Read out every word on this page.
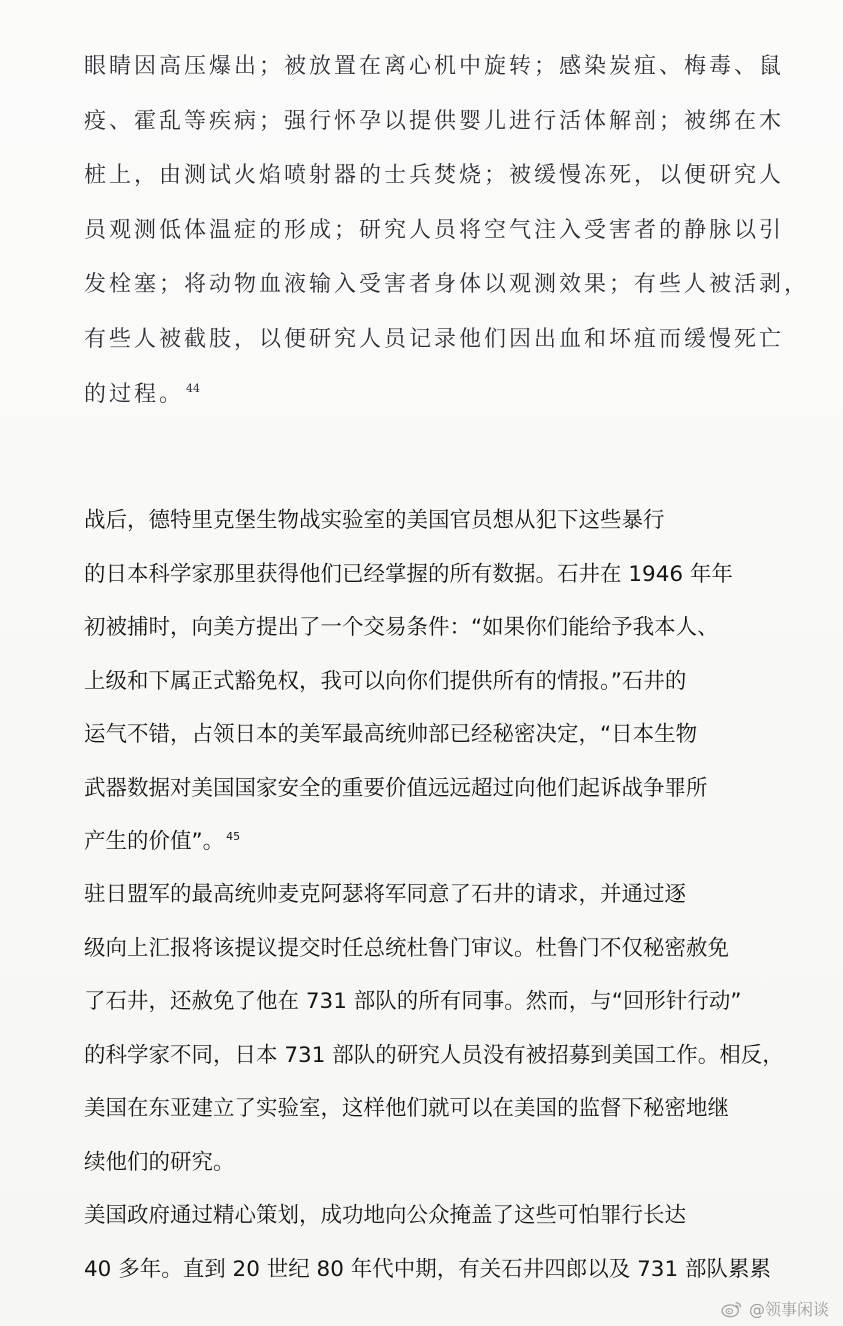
眼睛因高压爆出；被放置在离心机中旋转；感染炭疽、梅毒、鼠
疫、霍乱等疾病；强行怀孕以提供婴儿进行活体解剖；被绑在木
桩上，由测试火焰喷射器的士兵焚烧；被缓慢冻死，以便研究人
员观测低体温症的形成；研究人员将空气注入受害者的静脉以引
发栓塞；将动物血液输入受害者身体以观测效果；有些人被活剥，
有些人被截肢，以便研究人员记录他们因出血和坏疽而缓慢死亡
的过程。 $^{44}$
战后，德特里克堡生物战实验室的美国官员想从犯下这些暴行
的日本科学家那里获得他们已经掌握的所有数据。石井在 1946 年年
初被捕时，向美方提出了一个交易条件：“如果你们能给予我本人、
上级和下属正式豁免权，我可以向你们提供所有的情报。”石井的
运气不错，占领日本的美军最高统帅部已经秘密决定，“日本生物
武器数据对美国国家安全的重要价值远远超过向他们起诉战争罪所
产生的价值”。 $^{45}$
驻日盟军的最高统帅麦克阿瑟将军同意了石井的请求，并通过逐
级向上汇报将该提议提交时任总统杜鲁门审议。杜鲁门不仅秘密赦免
了石井，还赦免了他在 731 部队的所有同事。然而，与“回形针行动”
的科学家不同，日本 731 部队的研究人员没有被招募到美国工作。相反，
美国在东亚建立了实验室，这样他们就可以在美国的监督下秘密地继
续他们的研究。
美国政府通过精心策划，成功地向公众掩盖了这些可怕罪行长达
40 多年。直到 20 世纪 80 年代中期，有关石井四郎以及 731 部队累累
@领事闲谈
